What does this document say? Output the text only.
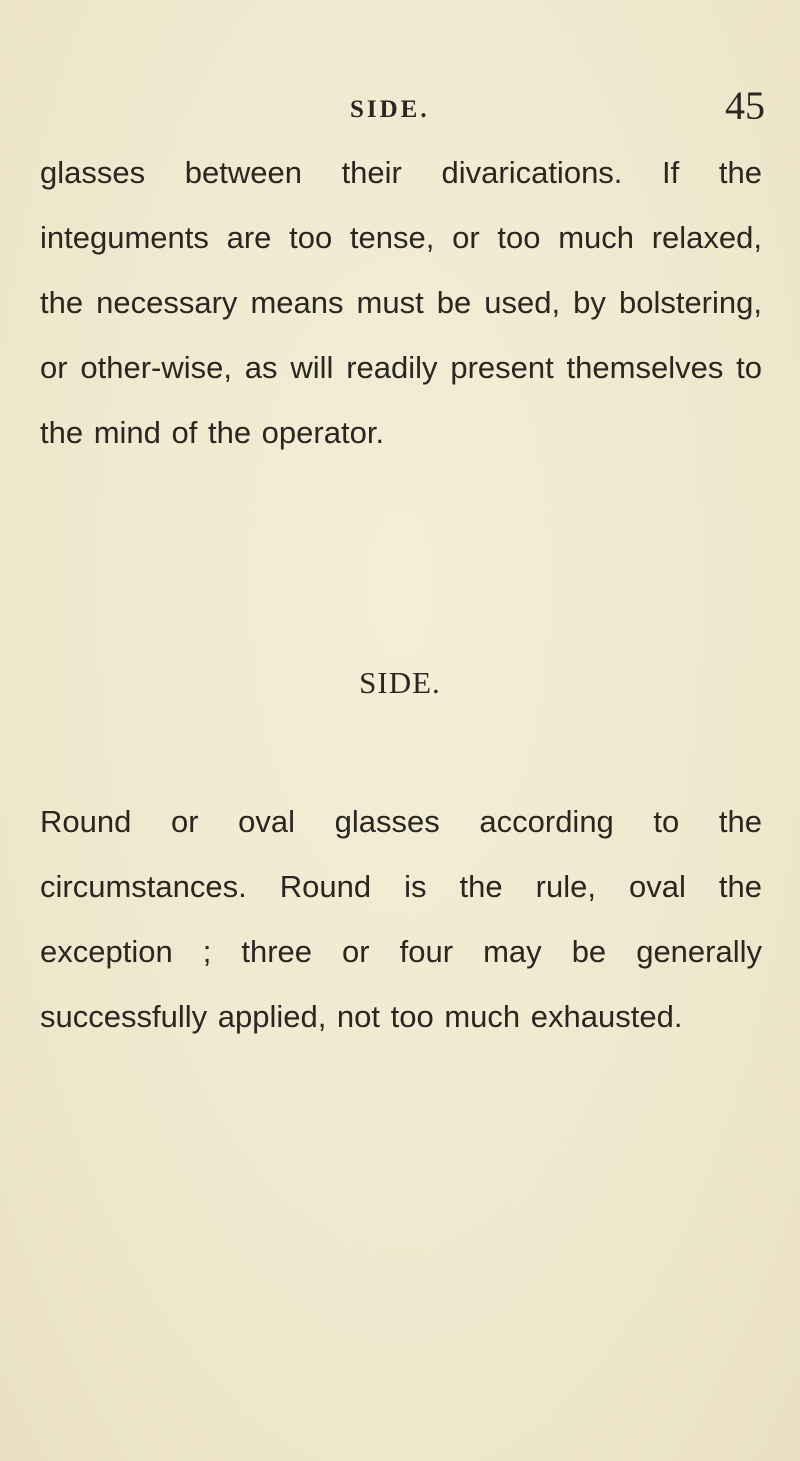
SIDE.	45

glasses between their divarications. If the integuments are too tense, or too much relaxed, the necessary means must be used, by bolstering, or other-wise, as will readily present themselves to the mind of the operator.

SIDE.

Round or oval glasses according to the circumstances. Round is the rule, oval the exception ; three or four may be generally successfully applied, not too much exhausted.
